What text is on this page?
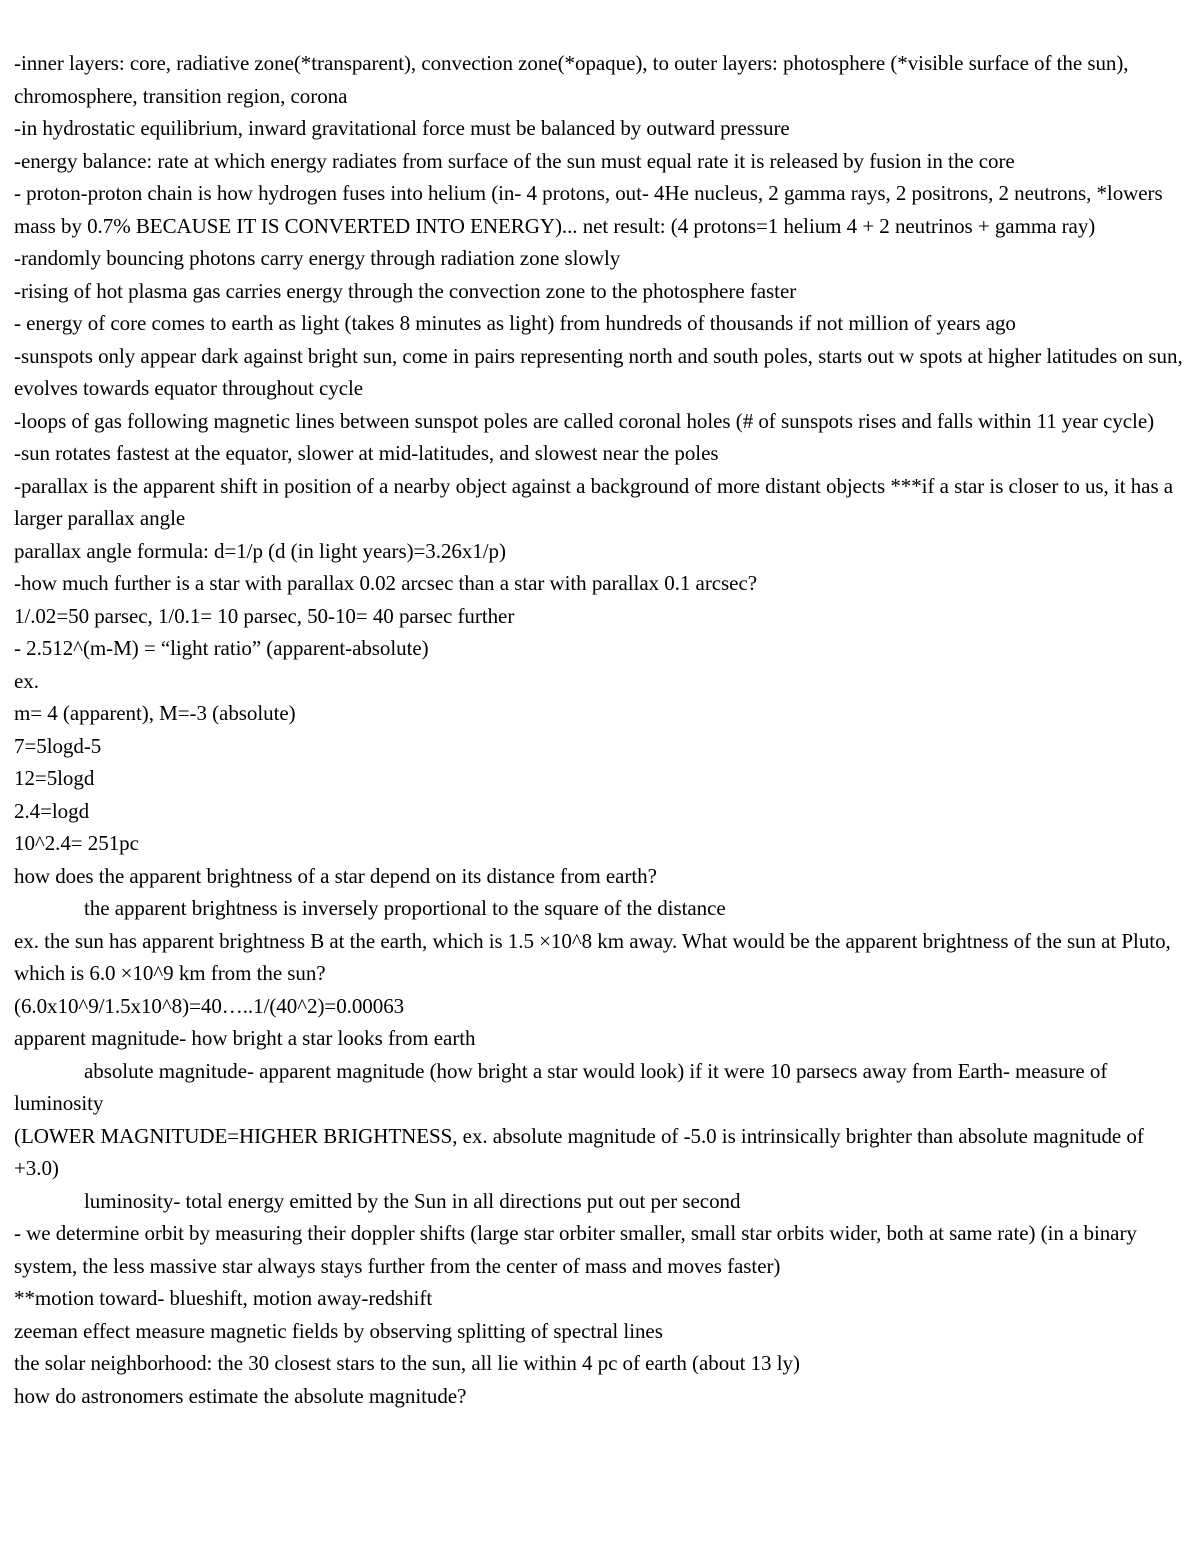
-inner layers: core, radiative zone(*transparent), convection zone(*opaque), to outer layers: photosphere (*visible surface of the sun), chromosphere, transition region, corona

-in hydrostatic equilibrium, inward gravitational force must be balanced by outward pressure

-energy balance: rate at which energy radiates from surface of the sun must equal rate it is released by fusion in the core

- proton-proton chain is how hydrogen fuses into helium (in- 4 protons, out- 4He nucleus, 2 gamma rays, 2 positrons, 2 neutrons, *lowers mass by 0.7% BECAUSE IT IS CONVERTED INTO ENERGY)... net result: (4 protons=1 helium 4 + 2 neutrinos + gamma ray)

-randomly bouncing photons carry energy through radiation zone slowly

-rising of hot plasma gas carries energy through the convection zone to the photosphere faster

- energy of core comes to earth as light (takes 8 minutes as light) from hundreds of thousands if not million of years ago

-sunspots only appear dark against bright sun, come in pairs representing north and south poles, starts out w spots at higher latitudes on sun, evolves towards equator throughout cycle

-loops of gas following magnetic lines between sunspot poles are called coronal holes (# of sunspots rises and falls within 11 year cycle)

-sun rotates fastest at the equator, slower at mid-latitudes, and slowest near the poles

-parallax is the apparent shift in position of a nearby object against a background of more distant objects ***if a star is closer to us, it has a larger parallax angle

parallax angle formula: d=1/p (d (in light years)=3.26x1/p)

-how much further is a star with parallax 0.02 arcsec than a star with parallax 0.1 arcsec?

1/.02=50 parsec, 1/0.1= 10 parsec, 50-10= 40 parsec further

- 2.512^(m-M) = “light ratio” (apparent-absolute)

ex.

m= 4 (apparent), M=-3 (absolute)

7=5logd-5

12=5logd

2.4=logd

10^2.4= 251pc

how does the apparent brightness of a star depend on its distance from earth?

the apparent brightness is inversely proportional to the square of the distance

ex. the sun has apparent brightness B at the earth, which is 1.5 ×10^8 km away. What would be the apparent brightness of the sun at Pluto, which is 6.0 ×10^9 km from the sun?

(6.0x10^9/1.5x10^8)=40…..1/(40^2)=0.00063

apparent magnitude- how bright a star looks from earth

absolute magnitude- apparent magnitude (how bright a star would look) if it were 10 parsecs away from Earth- measure of luminosity

(LOWER MAGNITUDE=HIGHER BRIGHTNESS, ex. absolute magnitude of -5.0 is intrinsically brighter than absolute magnitude of +3.0)

luminosity- total energy emitted by the Sun in all directions put out per second

- we determine orbit by measuring their doppler shifts (large star orbiter smaller, small star orbits wider, both at same rate) (in a binary system, the less massive star always stays further from the center of mass and moves faster)

**motion toward- blueshift, motion away-redshift

zeeman effect measure magnetic fields by observing splitting of spectral lines

the solar neighborhood: the 30 closest stars to the sun, all lie within 4 pc of earth (about 13 ly)

how do astronomers estimate the absolute magnitude?
